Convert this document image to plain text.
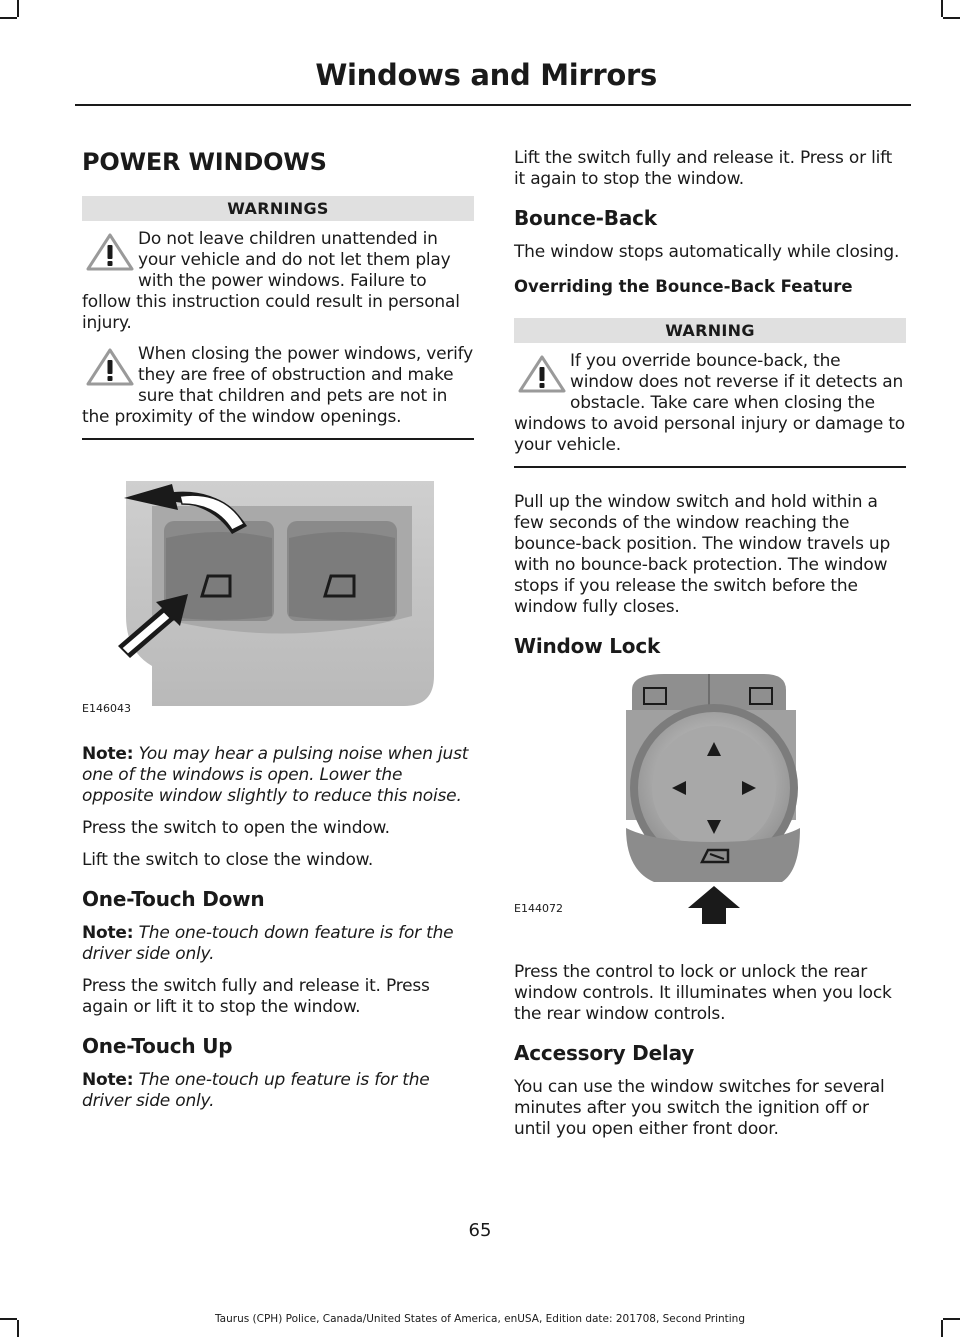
Windows and Mirrors
POWER WINDOWS
WARNINGS
Do not leave children unattended in your vehicle and do not let them play with the power windows. Failure to follow this instruction could result in personal injury.
When closing the power windows, verify they are free of obstruction and make sure that children and pets are not in the proximity of the window openings.
E146043

Note: You may hear a pulsing noise when just one of the windows is open. Lower the opposite window slightly to reduce this noise.

Press the switch to open the window.

Lift the switch to close the window.

One-Touch Down

Note: The one-touch down feature is for the driver side only.

Press the switch fully and release it. Press again or lift it to stop the window.

One-Touch Up

Note: The one-touch up feature is for the driver side only.

Lift the switch fully and release it. Press or lift it again to stop the window.

Bounce-Back

The window stops automatically while closing.

Overriding the Bounce-Back Feature
WARNING
If you override bounce-back, the window does not reverse if it detects an obstacle. Take care when closing the windows to avoid personal injury or damage to your vehicle.

Pull up the window switch and hold within a few seconds of the window reaching the bounce-back position. The window travels up with no bounce-back protection. The window stops if you release the switch before the window fully closes.

Window Lock
E144072

Press the control to lock or unlock the rear window controls. It illuminates when you lock the rear window controls.

Accessory Delay

You can use the window switches for several minutes after you switch the ignition off or until you open either front door.

65
Taurus (CPH) Police, Canada/United States of America, enUSA, Edition date: 201708, Second Printing
